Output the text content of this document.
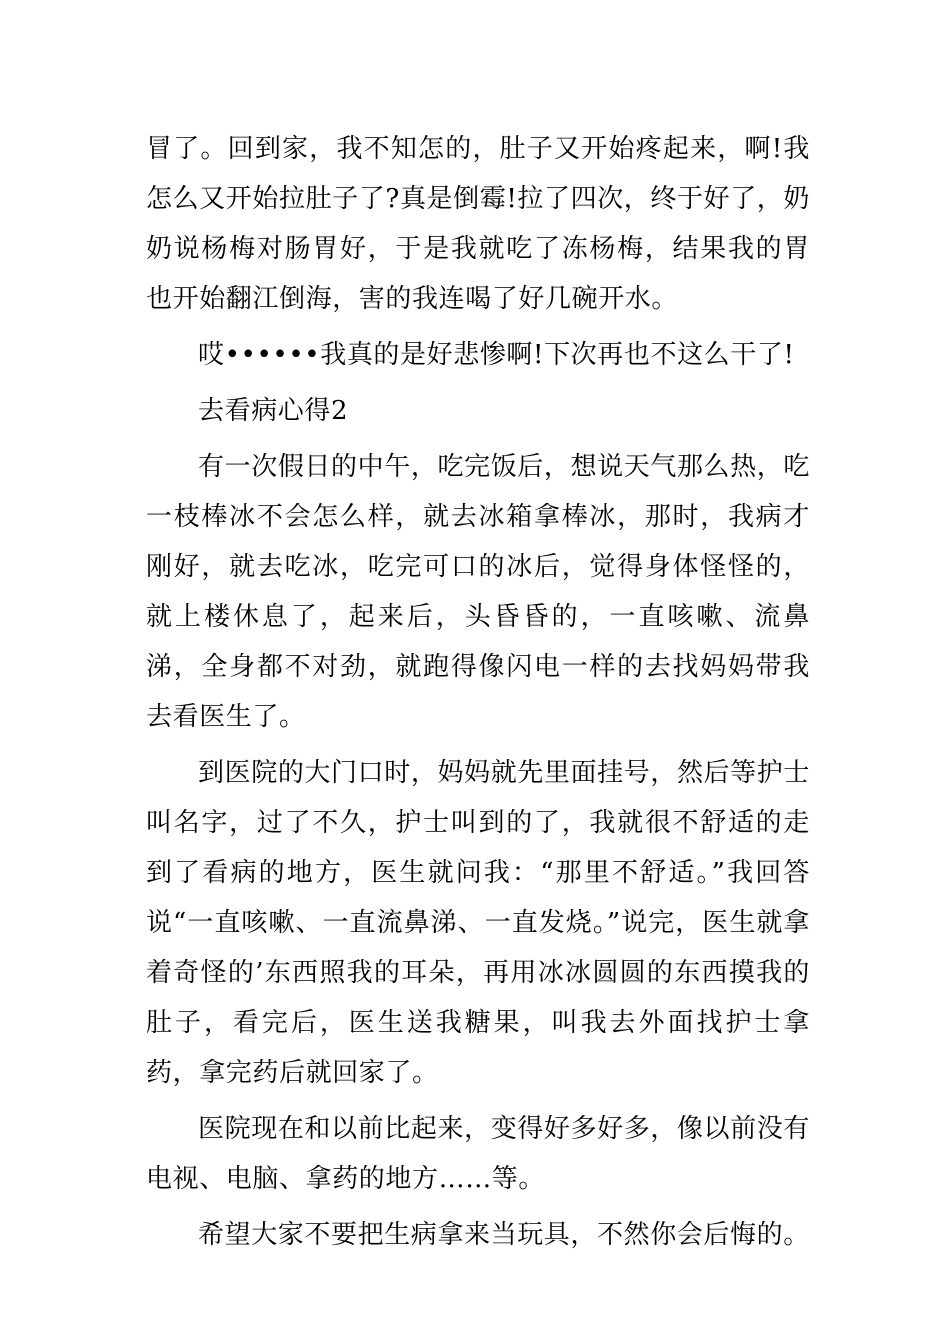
冒了。回到家，我不知怎的，肚子又开始疼起来，啊!我怎么又开始拉肚子了?真是倒霉!拉了四次，终于好了，奶奶说杨梅对肠胃好，于是我就吃了冻杨梅，结果我的胃也开始翻江倒海，害的我连喝了好几碗开水。

哎••••••我真的是好悲惨啊!下次再也不这么干了!

去看病心得2

有一次假日的中午，吃完饭后，想说天气那么热，吃一枝棒冰不会怎么样，就去冰箱拿棒冰，那时，我病才刚好，就去吃冰，吃完可口的冰后，觉得身体怪怪的，就上楼休息了，起来后，头昏昏的，一直咳嗽、流鼻涕，全身都不对劲，就跑得像闪电一样的去找妈妈带我去看医生了。

到医院的大门口时，妈妈就先里面挂号，然后等护士叫名字，过了不久，护士叫到的了，我就很不舒适的走到了看病的地方，医生就问我：“那里不舒适。”我回答说“一直咳嗽、一直流鼻涕、一直发烧。”说完，医生就拿着奇怪的’东西照我的耳朵，再用冰冰圆圆的东西摸我的肚子，看完后，医生送我糖果，叫我去外面找护士拿药，拿完药后就回家了。

医院现在和以前比起来，变得好多好多，像以前没有电视、电脑、拿药的地方……等。

希望大家不要把生病拿来当玩具，不然你会后悔的。
